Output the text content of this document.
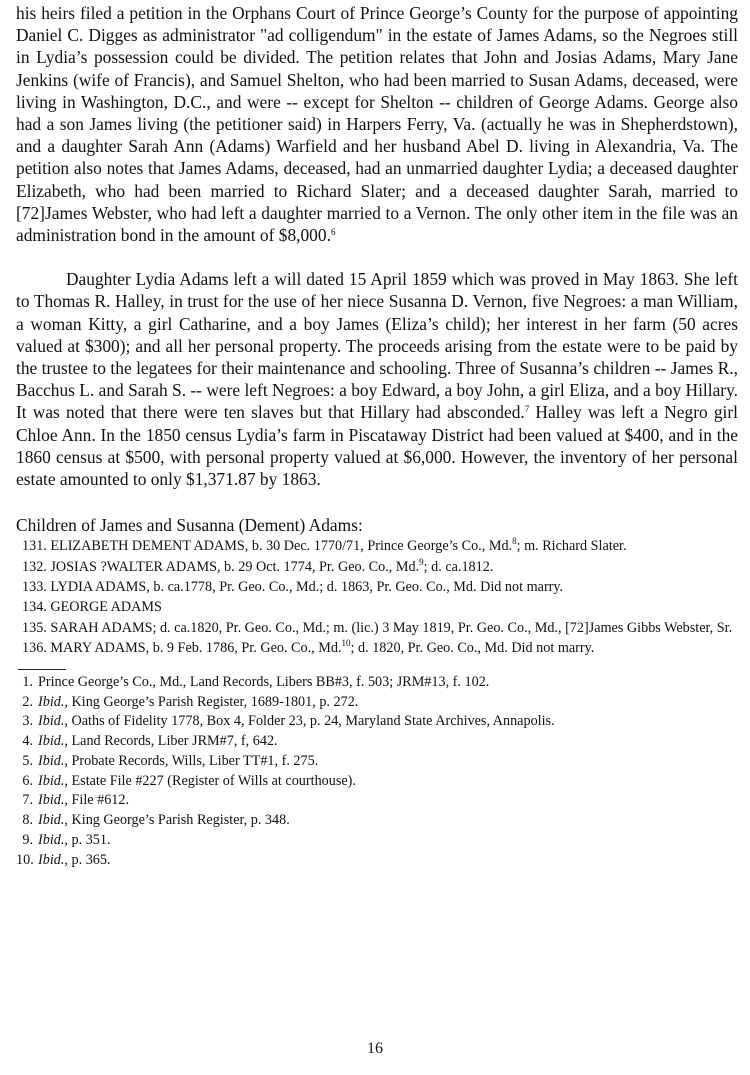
his heirs filed a petition in the Orphans Court of Prince George’s County for the purpose of appointing Daniel C. Digges as administrator "ad colligendum" in the estate of James Adams, so the Negroes still in Lydia’s possession could be divided. The petition relates that John and Josias Adams, Mary Jane Jenkins (wife of Francis), and Samuel Shelton, who had been married to Susan Adams, deceased, were living in Washington, D.C., and were -- except for Shelton -- children of George Adams. George also had a son James living (the petitioner said) in Harpers Ferry, Va. (actually he was in Shepherdstown), and a daughter Sarah Ann (Adams) Warfield and her husband Abel D. living in Alexandria, Va. The petition also notes that James Adams, deceased, had an unmarried daughter Lydia; a deceased daughter Elizabeth, who had been married to Richard Slater; and a deceased daughter Sarah, married to [72]James Webster, who had left a daughter married to a Vernon. The only other item in the file was an administration bond in the amount of $8,000.$^6$

Daughter Lydia Adams left a will dated 15 April 1859 which was proved in May 1863. She left to Thomas R. Halley, in trust for the use of her niece Susanna D. Vernon, five Negroes: a man William, a woman Kitty, a girl Catharine, and a boy James (Eliza’s child); her interest in her farm (50 acres valued at $300); and all her personal property. The proceeds arising from the estate were to be paid by the trustee to the legatees for their maintenance and schooling. Three of Susanna’s children -- James R., Bacchus L. and Sarah S. -- were left Negroes: a boy Edward, a boy John, a girl Eliza, and a boy Hillary. It was noted that there were ten slaves but that Hillary had absconded.$^7$ Halley was left a Negro girl Chloe Ann. In the 1850 census Lydia’s farm in Piscataway District had been valued at $400, and in the 1860 census at $500, with personal property valued at $6,000. However, the inventory of her personal estate amounted to only $1,371.87 by 1863.

Children of James and Susanna (Dement) Adams:
131. ELIZABETH DEMENT ADAMS, b. 30 Dec. 1770/71, Prince George’s Co., Md.$^8$; m. Richard Slater.
132. JOSIAS ?WALTER ADAMS, b. 29 Oct. 1774, Pr. Geo. Co., Md.$^9$; d. ca.1812.
133. LYDIA ADAMS, b. ca.1778, Pr. Geo. Co., Md.; d. 1863, Pr. Geo. Co., Md. Did not marry.
134. GEORGE ADAMS
135. SARAH ADAMS; d. ca.1820, Pr. Geo. Co., Md.; m. (lic.) 3 May 1819, Pr. Geo. Co., Md., [72]James Gibbs Webster, Sr.
136. MARY ADAMS, b. 9 Feb. 1786, Pr. Geo. Co., Md.$^{10}$; d. 1820, Pr. Geo. Co., Md. Did not marry.
1. Prince George’s Co., Md., Land Records, Libers BB#3, f. 503; JRM#13, f. 102.
2. Ibid., King George’s Parish Register, 1689-1801, p. 272.
3. Ibid., Oaths of Fidelity 1778, Box 4, Folder 23, p. 24, Maryland State Archives, Annapolis.
4. Ibid., Land Records, Liber JRM#7, f, 642.
5. Ibid., Probate Records, Wills, Liber TT#1, f. 275.
6. Ibid., Estate File #227 (Register of Wills at courthouse).
7. Ibid., File #612.
8. Ibid., King George’s Parish Register, p. 348.
9. Ibid., p. 351.
10. Ibid., p. 365.
16
